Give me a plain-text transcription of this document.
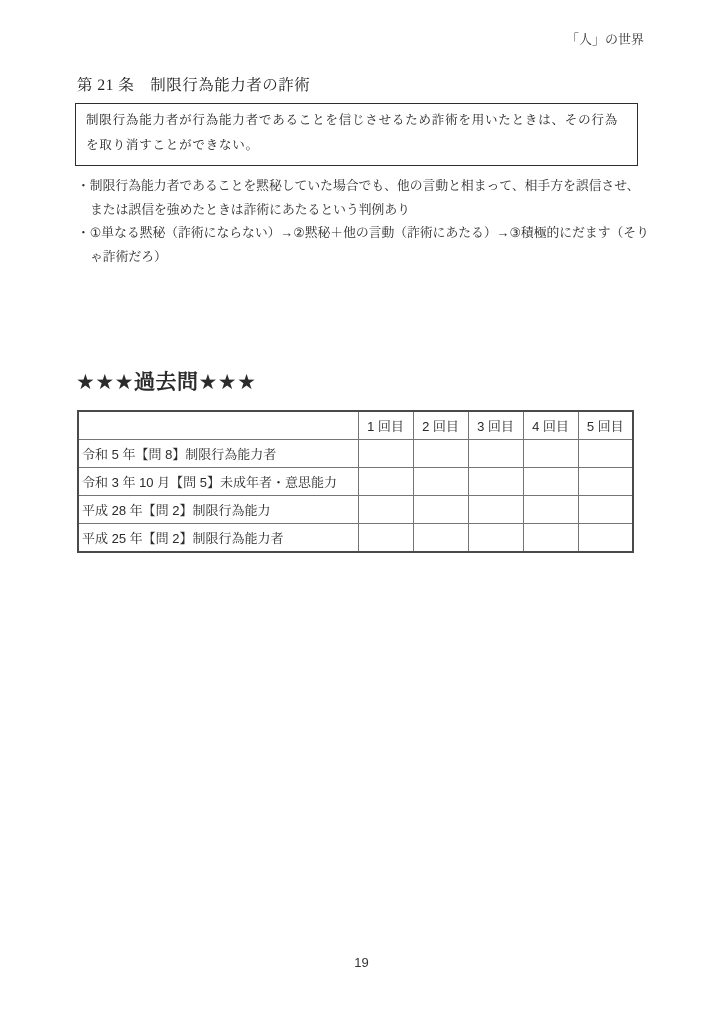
「人」の世界
第 21 条　制限行為能力者の詐術
制限行為能力者が行為能力者であることを信じさせるため詐術を用いたときは、その行為を取り消すことができない。
・制限行為能力者であることを黙秘していた場合でも、他の言動と相まって、相手方を誤信させ、または誤信を強めたときは詐術にあたるという判例あり
・①単なる黙秘（詐術にならない）→②黙秘＋他の言動（詐術にあたる）→③積極的にだます（そりゃ詐術だろ）
★★★過去問★★★
	1 回目	2 回目	3 回目	4 回目	5 回目
令和 5 年【問 8】制限行為能力者					
令和 3 年 10 月【問 5】未成年者・意思能力					
平成 28 年【問 2】制限行為能力					
平成 25 年【問 2】制限行為能力者					
19
